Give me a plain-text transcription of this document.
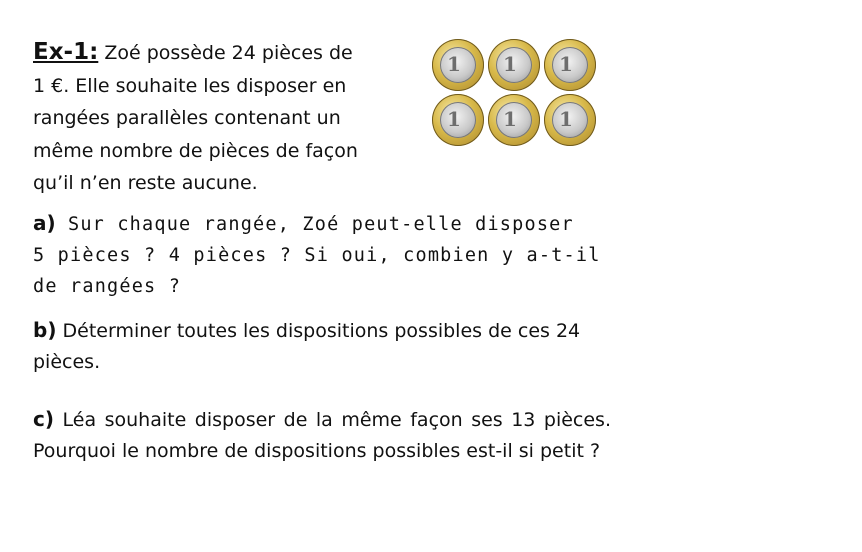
Ex-1: Zoé possède 24 pièces de
1 €. Elle souhaite les disposer en
rangées parallèles contenant un
même nombre de pièces de façon
qu’il n’en reste aucune.
1 1 1
1 1 1
a) Sur chaque rangée, Zoé peut-elle disposer
5 pièces ? 4 pièces ? Si oui, combien y a-t-il
de rangées ?
b) Déterminer toutes les dispositions possibles de ces 24 pièces.
c) Léa souhaite disposer de la même façon ses 13 pièces. Pourquoi le nombre de dispositions possibles est-il si petit ?
